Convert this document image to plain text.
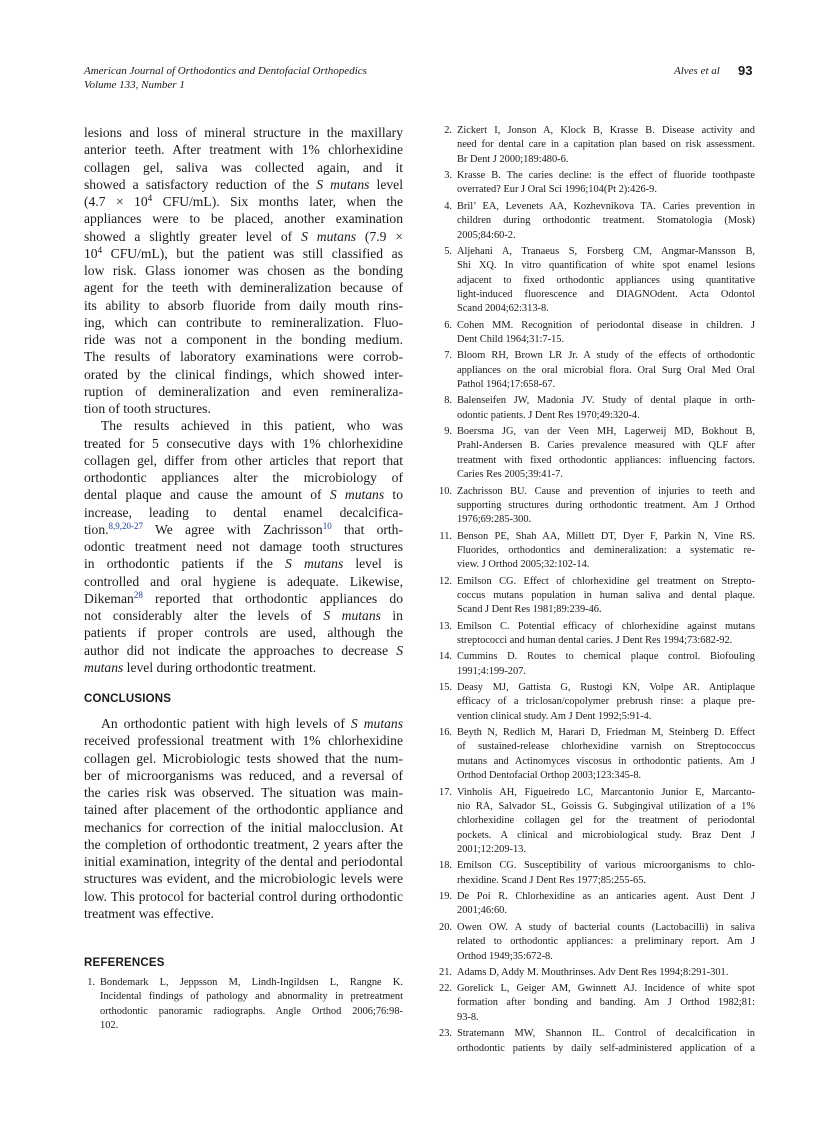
American Journal of Orthodontics and Dentofacial Orthopedics
Volume 133, Number 1
Alves et al 93
lesions and loss of mineral structure in the maxillary
anterior teeth. After treatment with 1% chlorhexidine
collagen gel, saliva was collected again, and it
showed a satisfactory reduction of the S mutans level
($4.7 \times 10^4$ CFU/mL). Six months later, when the
appliances were to be placed, another examination
showed a slightly greater level of S mutans (7.9 ×
$10^4$ CFU/mL), but the patient was still classified as
low risk. Glass ionomer was chosen as the bonding
agent for the teeth with demineralization because of
its ability to absorb fluoride from daily mouth rins-
ing, which can contribute to remineralization. Fluo-
ride was not a component in the bonding medium.
The results of laboratory examinations were corrob-
orated by the clinical findings, which showed inter-
ruption of demineralization and even remineraliza-
tion of tooth structures.
The results achieved in this patient, who was
treated for 5 consecutive days with 1% chlorhexidine
collagen gel, differ from other articles that report that
orthodontic appliances alter the microbiology of
dental plaque and cause the amount of S mutans to
increase, leading to dental enamel decalcifica-
tion.$^{8,9,20-27}$ We agree with Zachrisson$^{10}$ that orth-
odontic treatment need not damage tooth structures
in orthodontic patients if the S mutans level is
controlled and oral hygiene is adequate. Likewise,
Dikeman$^{28}$ reported that orthodontic appliances do
not considerably alter the levels of S mutans in
patients if proper controls are used, although the
author did not indicate the approaches to decrease S
mutans level during orthodontic treatment.
CONCLUSIONS
An orthodontic patient with high levels of S mutans
received professional treatment with 1% chlorhexidine
collagen gel. Microbiologic tests showed that the num-
ber of microorganisms was reduced, and a reversal of
the caries risk was observed. The situation was main-
tained after placement of the orthodontic appliance and
mechanics for correction of the initial malocclusion. At
the completion of orthodontic treatment, 2 years after the
initial examination, integrity of the dental and periodontal
structures was evident, and the microbiologic levels were
low. This protocol for bacterial control during orthodontic
treatment was effective.
REFERENCES
1. Bondemark L, Jeppsson M, Lindh-Ingildsen L, Rangne K.
Incidental findings of pathology and abnormality in pretreatment
orthodontic panoramic radiographs. Angle Orthod 2006;76:98-
102.
2. Zickert I, Jonson A, Klock B, Krasse B. Disease activity and
need for dental care in a capitation plan based on risk assessment.
Br Dent J 2000;189:480-6.
3. Krasse B. The caries decline: is the effect of fluoride toothpaste
overrated? Eur J Oral Sci 1996;104(Pt 2):426-9.
4. Bril’ EA, Levenets AA, Kozhevnikova TA. Caries prevention in
children during orthodontic treatment. Stomatologia (Mosk)
2005;84:60-2.
5. Aljehani A, Tranaeus S, Forsberg CM, Angmar-Mansson B,
Shi XQ. In vitro quantification of white spot enamel lesions
adjacent to fixed orthodontic appliances using quantitative
light-induced fluorescence and DIAGNOdent. Acta Odontol
Scand 2004;62:313-8.
6. Cohen MM. Recognition of periodontal disease in children. J
Dent Child 1964;31:7-15.
7. Bloom RH, Brown LR Jr. A study of the effects of orthodontic
appliances on the oral microbial flora. Oral Surg Oral Med Oral
Pathol 1964;17:658-67.
8. Balenseifen JW, Madonia JV. Study of dental plaque in orth-
odontic patients. J Dent Res 1970;49:320-4.
9. Boersma JG, van der Veen MH, Lagerweij MD, Bokhout B,
Prahl-Andersen B. Caries prevalence measured with QLF after
treatment with fixed orthodontic appliances: influencing factors.
Caries Res 2005;39:41-7.
10. Zachrisson BU. Cause and prevention of injuries to teeth and
supporting structures during orthodontic treatment. Am J Orthod
1976;69:285-300.
11. Benson PE, Shah AA, Millett DT, Dyer F, Parkin N, Vine RS.
Fluorides, orthodontics and demineralization: a systematic re-
view. J Orthod 2005;32:102-14.
12. Emilson CG. Effect of chlorhexidine gel treatment on Strepto-
coccus mutans population in human saliva and dental plaque.
Scand J Dent Res 1981;89:239-46.
13. Emilson C. Potential efficacy of chlorhexidine against mutans
streptococci and human dental caries. J Dent Res 1994;73:682-92.
14. Cummins D. Routes to chemical plaque control. Biofouling
1991;4:199-207.
15. Deasy MJ, Gattista G, Rustogi KN, Volpe AR. Antiplaque
efficacy of a triclosan/copolymer prebrush rinse: a plaque pre-
vention clinical study. Am J Dent 1992;5:91-4.
16. Beyth N, Redlich M, Harari D, Friedman M, Steinberg D. Effect
of sustained-release chlorhexidine varnish on Streptococcus
mutans and Actinomyces viscosus in orthodontic patients. Am J
Orthod Dentofacial Orthop 2003;123:345-8.
17. Vinholis AH, Figueiredo LC, Marcantonio Junior E, Marcanto-
nio RA, Salvador SL, Goissis G. Subgingival utilization of a 1%
chlorhexidine collagen gel for the treatment of periodontal
pockets. A clinical and microbiological study. Braz Dent J
2001;12:209-13.
18. Emilson CG. Susceptibility of various microorganisms to chlo-
rhexidine. Scand J Dent Res 1977;85:255-65.
19. De Poi R. Chlorhexidine as an anticaries agent. Aust Dent J
2001;46:60.
20. Owen OW. A study of bacterial counts (Lactobacilli) in saliva
related to orthodontic appliances: a preliminary report. Am J
Orthod 1949;35:672-8.
21. Adams D, Addy M. Mouthrinses. Adv Dent Res 1994;8:291-301.
22. Gorelick L, Geiger AM, Gwinnett AJ. Incidence of white spot
formation after bonding and banding. Am J Orthod 1982;81:
93-8.
23. Stratemann MW, Shannon IL. Control of decalcification in
orthodontic patients by daily self-administered application of a
